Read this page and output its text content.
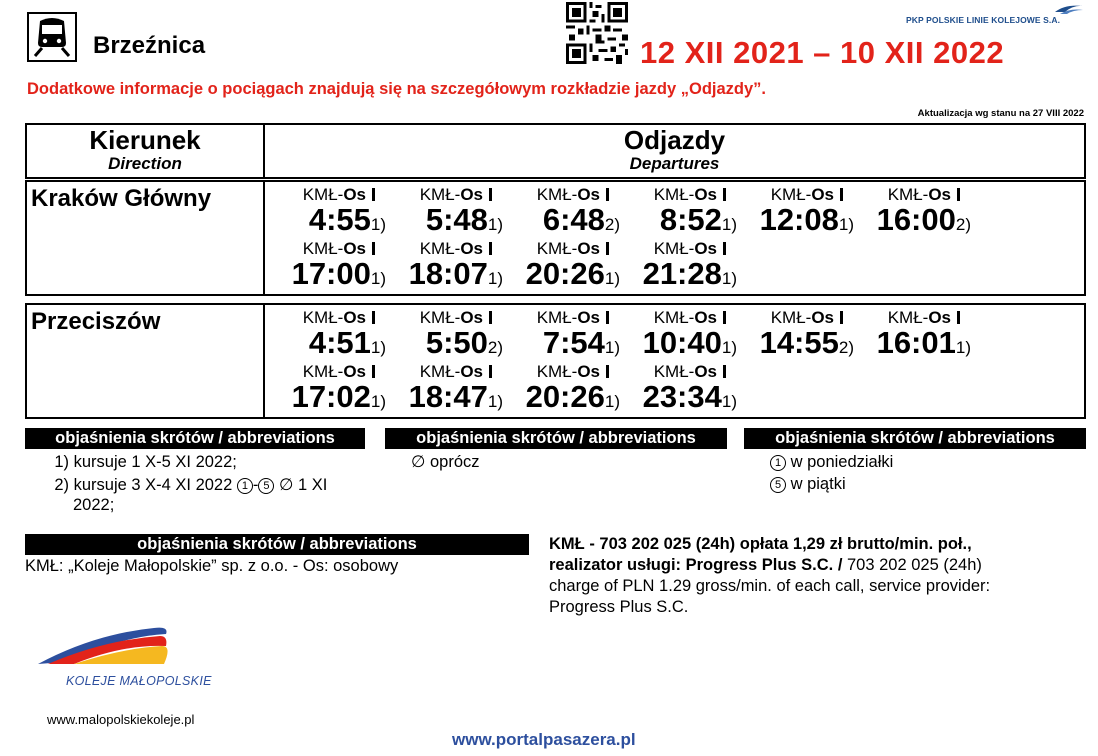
Brzeźnica
PKP POLSKIE LINIE KOLEJOWE S.A.
12 XII 2021 – 10 XII 2022
Dodatkowe informacje o pociągach znajdują się na szczegółowym rozkładzie jazdy „Odjazdy”.
Aktualizacja wg stanu na 27 VIII 2022
Kierunek
Direction
Odjazdy
Departures
Kraków Główny	KMŁ-Os
4:551)
KMŁ-Os
5:481)
KMŁ-Os
6:482)
KMŁ-Os
8:521)
KMŁ-Os
12:081)
KMŁ-Os
16:002)
KMŁ-Os
17:001)
KMŁ-Os
18:071)
KMŁ-Os
20:261)
KMŁ-Os
21:281)
Przeciszów	KMŁ-Os
4:511)
KMŁ-Os
5:502)
KMŁ-Os
7:541)
KMŁ-Os
10:401)
KMŁ-Os
14:552)
KMŁ-Os
16:011)
KMŁ-Os
17:021)
KMŁ-Os
18:471)
KMŁ-Os
20:261)
KMŁ-Os
23:341)
objaśnienia skrótów / abbreviations
1) kursuje 1 X-5 XI 2022;
2) kursuje 3 X-4 XI 2022 1 - 5 ∅ 1 XI
2022;
objaśnienia skrótów / abbreviations
∅ oprócz
objaśnienia skrótów / abbreviations
1 w poniedziałki
5 w piątki
objaśnienia skrótów / abbreviations
KMŁ: „Koleje Małopolskie” sp. z o.o. - Os: osobowy
KMŁ - 703 202 025 (24h) opłata 1,29 zł brutto/min. poł.,
realizator usługi: Progress Plus S.C. / 703 202 025 (24h)
charge of PLN 1.29 gross/min. of each call, service provider:
Progress Plus S.C.
KOLEJE MAŁOPOLSKIE
www.malopolskiekoleje.pl
www.portalpasazera.pl
